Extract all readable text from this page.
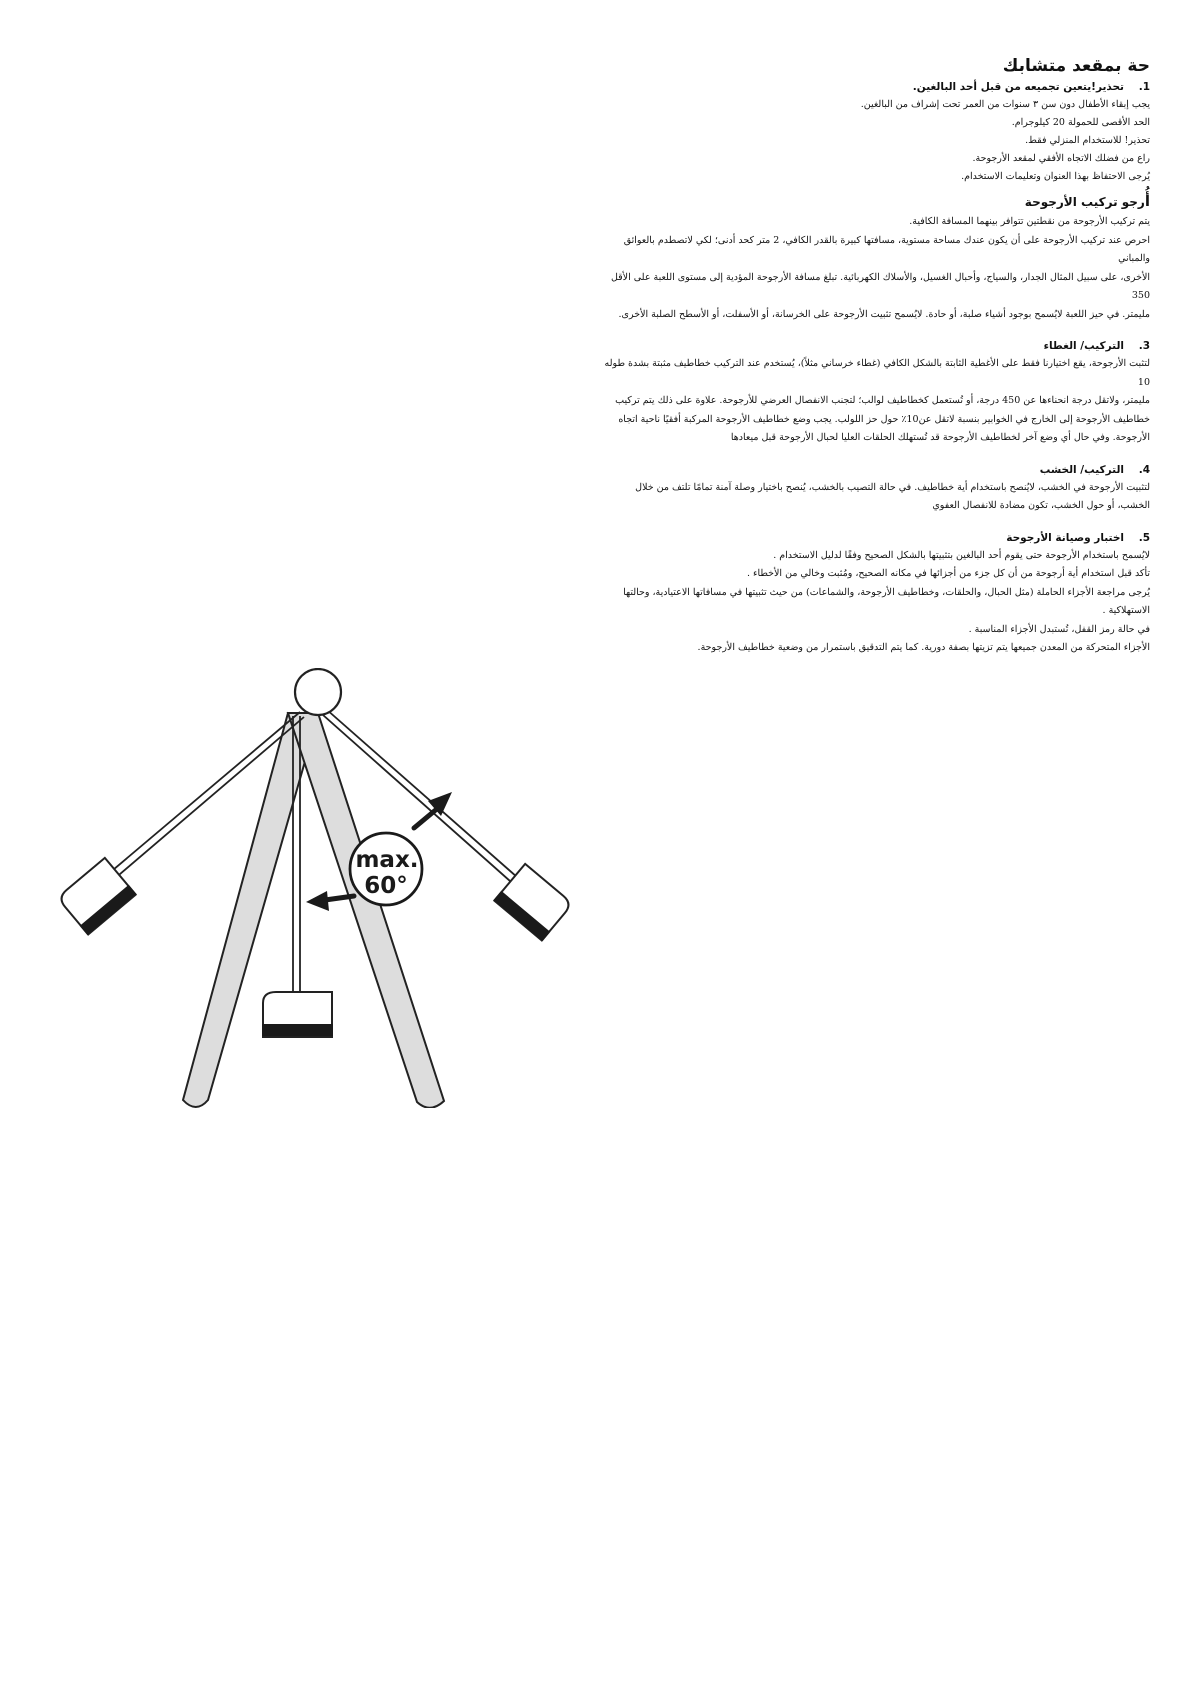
حة بمقعد متشابك
1.تحذير!يتعين تجميعه من قبل أحد البالغين.

يجب إبقاء الأطفال دون سن ٣ سنوات من العمر تحت إشراف من البالغين.

الحد الأقصى للحمولة 20 كيلوجرام.

تحذير! للاستخدام المنزلي فقط.

راع من فضلك الاتجاه الأفقي لمقعد الأرجوحة.

يُرجى الاحتفاظ بهذا العنوان وتعليمات الاستخدام.

أُرجو تركيب الأرجوحة

يتم تركيب الأرجوحة من نقطتين تتوافر بينهما المسافة الكافية.

احرص عند تركيب الأرجوحة على أن يكون عندك مساحة مستوية، مسافتها كبيرة بالقدر الكافي، 2 متر كحد أدنى؛ لكي لاتصطدم بالعوائق والمباني

الأخرى، على سبيل المثال الجدار، والسياج، وأحبال الغسيل، والأسلاك الكهربائية. تبلغ مسافة الأرجوحة المؤدية إلى مستوى اللعبة على الأقل 350

مليمتر. في حيز اللعبة لايُسمح بوجود أشياء صلبة، أو حادة. لايُسمح تثبيت الأرجوحة على الخرسانة، أو الأسفلت، أو الأسطح الصلبة الأخرى.

3.التركيب/ الغطاء

لتثبت الأرجوحة، يقع اختيارنا فقط على الأغطية الثابتة بالشكل الكافي (غطاء خرساني مثلاً)، يُستخدم عند التركيب خطاطيف مثبتة بشدة طوله 10

مليمتر، ولاتقل درجة انحناءها عن 450 درجة، أو تُستعمل كخطاطيف لوالب؛ لتجنب الانفصال العرضي للأرجوحة. علاوة على ذلك يتم تركيب

خطاطيف الأرجوحة إلى الخارج في الخوابير بنسبة لاتقل عن10٪ حول حز اللولب. يجب وضع خطاطيف الأرجوحة المركبة أفقيًا ناحية اتجاه

الأرجوحة. وفي حال أي وضع آخر لخطاطيف الأرجوحة قد تُستهلك الحلقات العليا لحبال الأرجوحة قبل ميعادها

4.التركيب/ الخشب

لتثبيت الأرجوحة في الخشب، لايُنصح باستخدام أية خطاطيف. في حالة التصيب بالخشب، يُنصح باختيار وصلة آمنة تمامًا تلتف من خلال

الخشب، أو حول الخشب، تكون مضادة للانفصال العفوي

5.اختبار وصيانة الأرجوحة

لايُسمح باستخدام الأرجوحة حتى يقوم أحد البالغين بتثبيتها بالشكل الصحيح وفقًا لدليل الاستخدام .

تأكد قبل استخدام أية أرجوحة من أن كل جزء من أجزائها في مكانه الصحيح، ومُثبت وخالي من الأخطاء .

يُرجى مراجعة الأجزاء الحاملة (مثل الحبال، والحلقات، وخطاطيف الأرجوحة، والشماعات) من حيث تثبيتها في مسافاتها الاعتيادية، وحالتها

الاستهلاكية .

في حالة رمز القفل، تُستبدل الأجزاء المناسبة .

الأجزاء المتحركة من المعدن جميعها يتم تزيتها بصفة دورية. كما يتم التدقيق باستمرار من وضعية خطاطيف الأرجوحة.

max.
60°
